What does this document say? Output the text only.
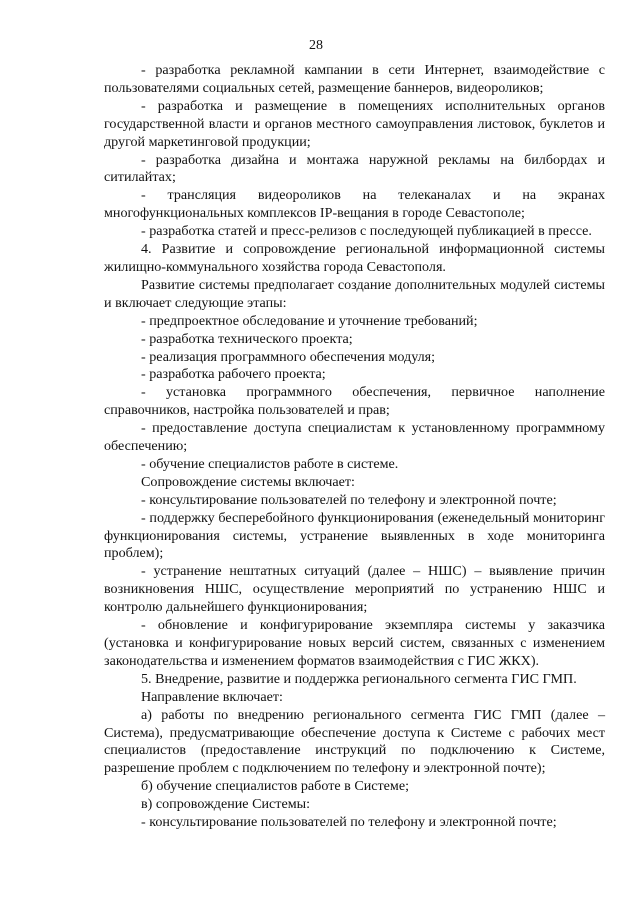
28

- разработка рекламной кампании в сети Интернет, взаимодействие с пользователями социальных сетей, размещение баннеров, видеороликов;

- разработка и размещение в помещениях исполнительных органов государственной власти и органов местного самоуправления листовок, буклетов и другой маркетинговой продукции;

- разработка дизайна и монтажа наружной рекламы на билбордах и ситилайтах;

- трансляция видеороликов на телеканалах и на экранах многофункциональных комплексов IP-вещания в городе Севастополе;

- разработка статей и пресс-релизов с последующей публикацией в прессе.

4. Развитие и сопровождение региональной информационной системы жилищно-коммунального хозяйства города Севастополя.

Развитие системы предполагает создание дополнительных модулей системы и включает следующие этапы:

- предпроектное обследование и уточнение требований;

- разработка технического проекта;

- реализация программного обеспечения модуля;

- разработка рабочего проекта;

- установка программного обеспечения, первичное наполнение справочников, настройка пользователей и прав;

- предоставление доступа специалистам к установленному программному обеспечению;

- обучение специалистов работе в системе.

Сопровождение системы включает:

- консультирование пользователей по телефону и электронной почте;

- поддержку бесперебойного функционирования (еженедельный мониторинг функционирования системы, устранение выявленных в ходе мониторинга проблем);

- устранение нештатных ситуаций (далее – НШС) – выявление причин возникновения НШС, осуществление мероприятий по устранению НШС и контролю дальнейшего функционирования;

- обновление и конфигурирование экземпляра системы у заказчика (установка и конфигурирование новых версий систем, связанных с изменением законодательства и изменением форматов взаимодействия с ГИС ЖКХ).

5. Внедрение, развитие и поддержка регионального сегмента ГИС ГМП.

Направление включает:

а) работы по внедрению регионального сегмента ГИС ГМП (далее – Система), предусматривающие обеспечение доступа к Системе с рабочих мест специалистов (предоставление инструкций по подключению к Системе, разрешение проблем с подключением по телефону и электронной почте);

б) обучение специалистов работе в Системе;

в) сопровождение Системы:

- консультирование пользователей по телефону и электронной почте;
